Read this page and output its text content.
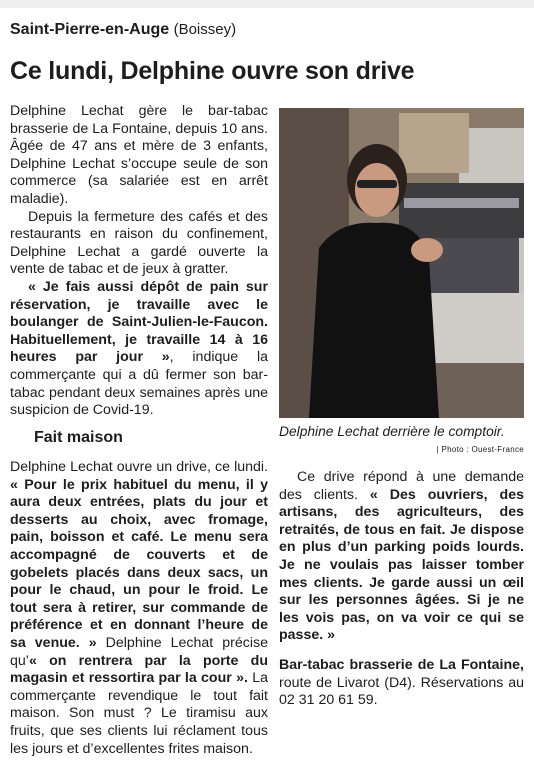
Saint-Pierre-en-Auge (Boissey)
Ce lundi, Delphine ouvre son drive

Delphine Lechat gère le bar-tabac brasserie de La Fontaine, depuis 10 ans. Âgée de 47 ans et mère de 3 enfants, Delphine Lechat s’occupe seule de son commerce (sa salariée est en arrêt maladie).

Depuis la fermeture des cafés et des restaurants en raison du confinement, Delphine Lechat a gardé ouverte la vente de tabac et de jeux à gratter.

« Je fais aussi dépôt de pain sur réservation, je travaille avec le boulanger de Saint-Julien-le-Faucon. Habituellement, je travaille 14 à 16 heures par jour », indique la commerçante qui a dû fermer son bar-tabac pendant deux semaines après une suspicion de Covid-19.

Fait maison

Delphine Lechat ouvre un drive, ce lundi. « Pour le prix habituel du menu, il y aura deux entrées, plats du jour et desserts au choix, avec fromage, pain, boisson et café. Le menu sera accompagné de couverts et de gobelets placés dans deux sacs, un pour le chaud, un pour le froid. Le tout sera à retirer, sur commande de préférence et en donnant l’heure de sa venue. » Delphine Lechat précise qu’« on rentrera par la porte du magasin et ressortira par la cour ». La commerçante revendique le tout fait maison. Son must ? Le tiramisu aux fruits, que ses clients lui réclament tous les jours et d’excellentes frites maison.

Delphine Lechat derrière le comptoir.
| Photo : Ouest-France

Ce drive répond à une demande des clients. « Des ouvriers, des artisans, des agriculteurs, des retraités, de tous en fait. Je dispose en plus d’un parking poids lourds. Je ne voulais pas laisser tomber mes clients. Je garde aussi un œil sur les personnes âgées. Si je ne les vois pas, on va voir ce qui se passe. »

Bar-tabac brasserie de La Fontaine, route de Livarot (D4). Réservations au 02 31 20 61 59.
